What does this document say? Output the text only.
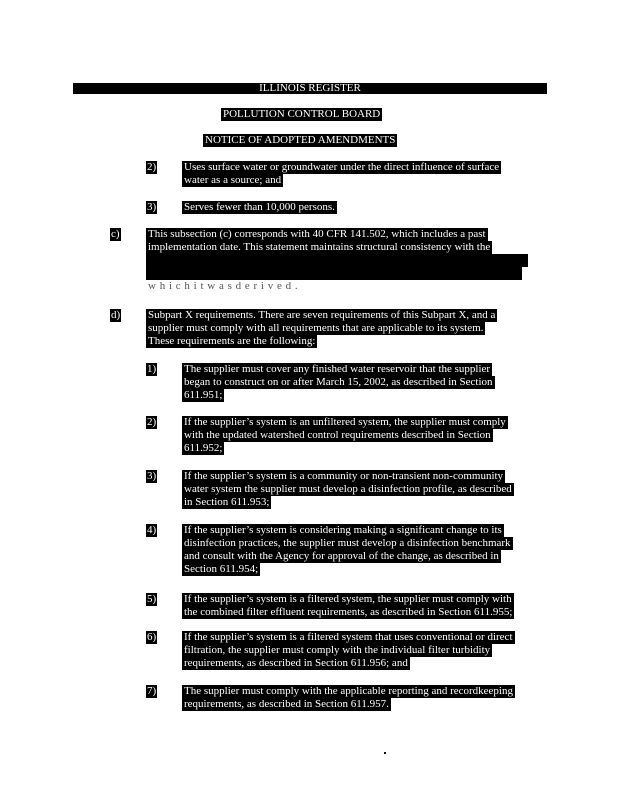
ILLINOIS REGISTER
POLLUTION CONTROL BOARD
NOTICE OF ADOPTED AMENDMENTS
2)	Uses surface water or groundwater under the direct influence of surface
water as a source; and
3)	Serves fewer than 10,000 persons.
c)	This subsection (c) corresponds with 40 CFR 141.502, which includes a past
implementation date. This statement maintains structural consistency with the
w h i c h i t w a s d e r i v e d .
d)	Subpart X requirements. There are seven requirements of this Subpart X, and a
supplier must comply with all requirements that are applicable to its system.
These requirements are the following:
1)	The supplier must cover any finished water reservoir that the supplier
began to construct on or after March 15, 2002, as described in Section
611.951;
2)	If the supplier’s system is an unfiltered system, the supplier must comply
with the updated watershed control requirements described in Section
611.952;
3)	If the supplier’s system is a community or non-transient non-community
water system the supplier must develop a disinfection profile, as described
in Section 611.953;
4)	If the supplier’s system is considering making a significant change to its
disinfection practices, the supplier must develop a disinfection benchmark
and consult with the Agency for approval of the change, as described in
Section 611.954;
5)	If the supplier’s system is a filtered system, the supplier must comply with
the combined filter effluent requirements, as described in Section 611.955;
6)	If the supplier’s system is a filtered system that uses conventional or direct
filtration, the supplier must comply with the individual filter turbidity
requirements, as described in Section 611.956; and
7)	The supplier must comply with the applicable reporting and recordkeeping
requirements, as described in Section 611.957.
